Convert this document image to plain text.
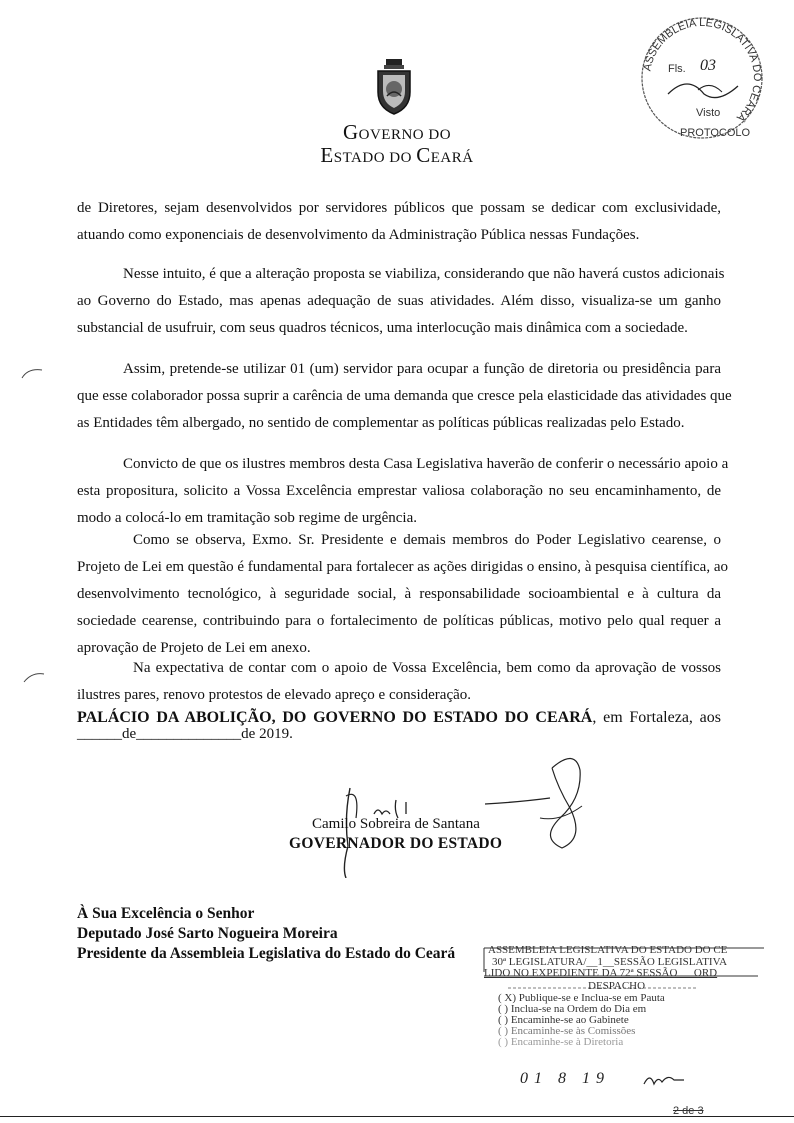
GOVERNO DO
ESTADO DO CEARÁ
ASSEMBLEIA LEGISLATIVA DO CEARÁ
Fls. 03
Visto
PROTOCOLO
de Diretores, sejam desenvolvidos por servidores públicos que possam se dedicar com exclusividade,
atuando como exponenciais de desenvolvimento da Administração Pública nessas Fundações.
Nesse intuito, é que a alteração proposta se viabiliza, considerando que não haverá custos adicionais
ao Governo do Estado, mas apenas adequação de suas atividades. Além disso, visualiza-se um ganho
substancial de usufruir, com seus quadros técnicos, uma interlocução mais dinâmica com a sociedade.
Assim, pretende-se utilizar 01 (um) servidor para ocupar a função de diretoria ou presidência para
que esse colaborador possa suprir a carência de uma demanda que cresce pela elasticidade das atividades que
as Entidades têm albergado, no sentido de complementar as políticas públicas realizadas pelo Estado.
Convicto de que os ilustres membros desta Casa Legislativa haverão de conferir o necessário apoio a
esta propositura, solicito a Vossa Excelência emprestar valiosa colaboração no seu encaminhamento, de
modo a colocá-lo em tramitação sob regime de urgência.
Como se observa, Exmo. Sr. Presidente e demais membros do Poder Legislativo cearense, o
Projeto de Lei em questão é fundamental para fortalecer as ações dirigidas o ensino, à pesquisa científica, ao
desenvolvimento tecnológico, à seguridade social, à responsabilidade socioambiental e à cultura da
sociedade cearense, contribuindo para o fortalecimento de políticas públicas, motivo pelo qual requer a
aprovação de Projeto de Lei em anexo.
Na expectativa de contar com o apoio de Vossa Excelência, bem como da aprovação de vossos
ilustres pares, renovo protestos de elevado apreço e consideração.
PALÁCIO DA ABOLIÇÃO, DO GOVERNO DO ESTADO DO CEARÁ, em Fortaleza, aos
______de______________de 2019.
Camilo Sobreira de Santana
GOVERNADOR DO ESTADO
À Sua Excelência o Senhor
Deputado José Sarto Nogueira Moreira
Presidente da Assembleia Legislativa do Estado do Ceará	ASSEMBLEIA LEGISLATIVA DO ESTADO DO CE
30ª LEGISLATURA/__1__SESSÃO LEGISLATIVA
LIDO NO EXPEDIENTE DA 72ª SESSÃO___ORD
DESPACHO
( X) Publique-se e Inclua-se em Pauta
( ) Inclua-se na Ordem do Dia em
( ) Encaminhe-se ao Gabinete
( ) Encaminhe-se às Comissões
( ) Encaminhe-se à Diretoria
01 8 19
2 de 3
